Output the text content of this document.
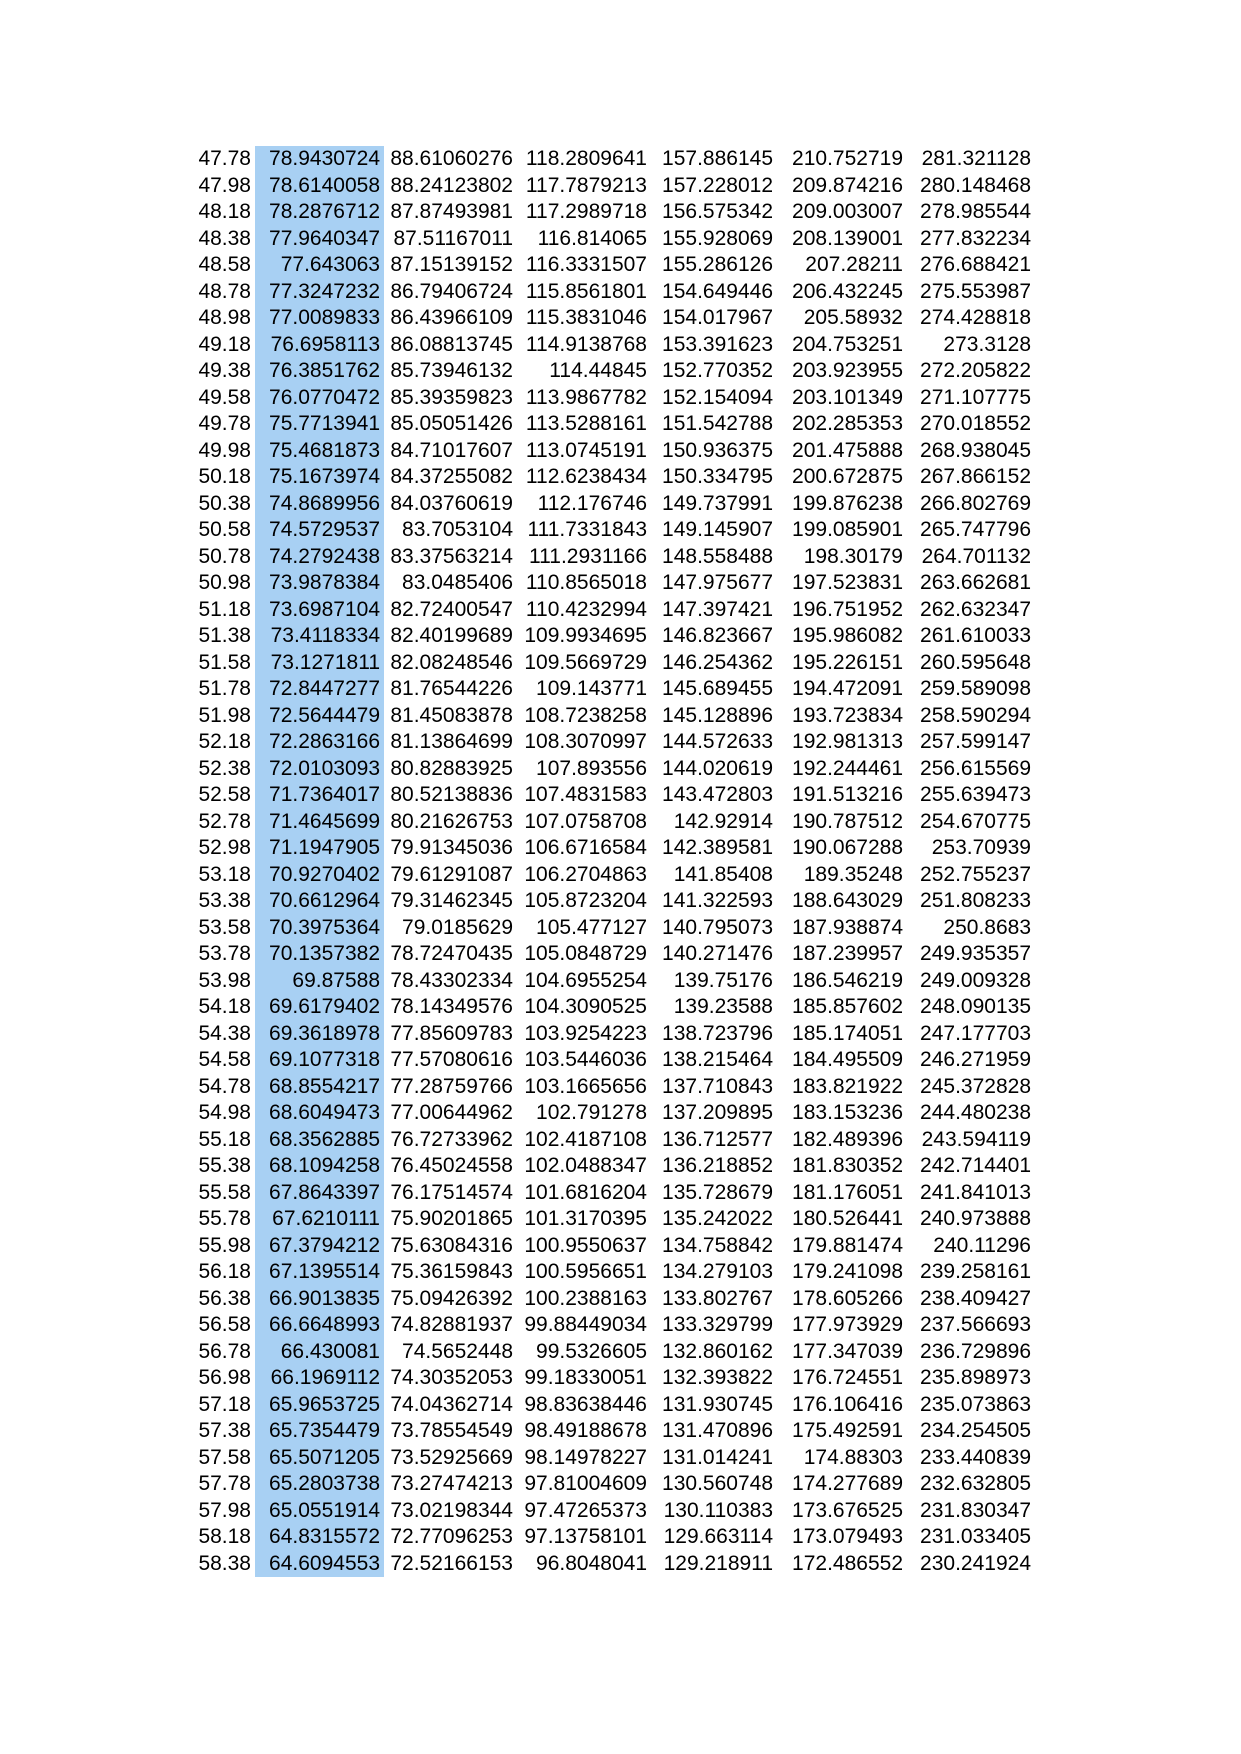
47.78	78.9430724	88.61060276	118.2809641	157.886145	210.752719	281.321128
47.98	78.6140058	88.24123802	117.7879213	157.228012	209.874216	280.148468
48.18	78.2876712	87.87493981	117.2989718	156.575342	209.003007	278.985544
48.38	77.9640347	87.51167011	116.814065	155.928069	208.139001	277.832234
48.58	77.643063	87.15139152	116.3331507	155.286126	207.28211	276.688421
48.78	77.3247232	86.79406724	115.8561801	154.649446	206.432245	275.553987
48.98	77.0089833	86.43966109	115.3831046	154.017967	205.58932	274.428818
49.18	76.6958113	86.08813745	114.9138768	153.391623	204.753251	273.3128
49.38	76.3851762	85.73946132	114.44845	152.770352	203.923955	272.205822
49.58	76.0770472	85.39359823	113.9867782	152.154094	203.101349	271.107775
49.78	75.7713941	85.05051426	113.5288161	151.542788	202.285353	270.018552
49.98	75.4681873	84.71017607	113.0745191	150.936375	201.475888	268.938045
50.18	75.1673974	84.37255082	112.6238434	150.334795	200.672875	267.866152
50.38	74.8689956	84.03760619	112.176746	149.737991	199.876238	266.802769
50.58	74.5729537	83.7053104	111.7331843	149.145907	199.085901	265.747796
50.78	74.2792438	83.37563214	111.2931166	148.558488	198.30179	264.701132
50.98	73.9878384	83.0485406	110.8565018	147.975677	197.523831	263.662681
51.18	73.6987104	82.72400547	110.4232994	147.397421	196.751952	262.632347
51.38	73.4118334	82.40199689	109.9934695	146.823667	195.986082	261.610033
51.58	73.1271811	82.08248546	109.5669729	146.254362	195.226151	260.595648
51.78	72.8447277	81.76544226	109.143771	145.689455	194.472091	259.589098
51.98	72.5644479	81.45083878	108.7238258	145.128896	193.723834	258.590294
52.18	72.2863166	81.13864699	108.3070997	144.572633	192.981313	257.599147
52.38	72.0103093	80.82883925	107.893556	144.020619	192.244461	256.615569
52.58	71.7364017	80.52138836	107.4831583	143.472803	191.513216	255.639473
52.78	71.4645699	80.21626753	107.0758708	142.92914	190.787512	254.670775
52.98	71.1947905	79.91345036	106.6716584	142.389581	190.067288	253.70939
53.18	70.9270402	79.61291087	106.2704863	141.85408	189.35248	252.755237
53.38	70.6612964	79.31462345	105.8723204	141.322593	188.643029	251.808233
53.58	70.3975364	79.0185629	105.477127	140.795073	187.938874	250.8683
53.78	70.1357382	78.72470435	105.0848729	140.271476	187.239957	249.935357
53.98	69.87588	78.43302334	104.6955254	139.75176	186.546219	249.009328
54.18	69.6179402	78.14349576	104.3090525	139.23588	185.857602	248.090135
54.38	69.3618978	77.85609783	103.9254223	138.723796	185.174051	247.177703
54.58	69.1077318	77.57080616	103.5446036	138.215464	184.495509	246.271959
54.78	68.8554217	77.28759766	103.1665656	137.710843	183.821922	245.372828
54.98	68.6049473	77.00644962	102.791278	137.209895	183.153236	244.480238
55.18	68.3562885	76.72733962	102.4187108	136.712577	182.489396	243.594119
55.38	68.1094258	76.45024558	102.0488347	136.218852	181.830352	242.714401
55.58	67.8643397	76.17514574	101.6816204	135.728679	181.176051	241.841013
55.78	67.6210111	75.90201865	101.3170395	135.242022	180.526441	240.973888
55.98	67.3794212	75.63084316	100.9550637	134.758842	179.881474	240.11296
56.18	67.1395514	75.36159843	100.5956651	134.279103	179.241098	239.258161
56.38	66.9013835	75.09426392	100.2388163	133.802767	178.605266	238.409427
56.58	66.6648993	74.82881937	99.88449034	133.329799	177.973929	237.566693
56.78	66.430081	74.5652448	99.5326605	132.860162	177.347039	236.729896
56.98	66.1969112	74.30352053	99.18330051	132.393822	176.724551	235.898973
57.18	65.9653725	74.04362714	98.83638446	131.930745	176.106416	235.073863
57.38	65.7354479	73.78554549	98.49188678	131.470896	175.492591	234.254505
57.58	65.5071205	73.52925669	98.14978227	131.014241	174.88303	233.440839
57.78	65.2803738	73.27474213	97.81004609	130.560748	174.277689	232.632805
57.98	65.0551914	73.02198344	97.47265373	130.110383	173.676525	231.830347
58.18	64.8315572	72.77096253	97.13758101	129.663114	173.079493	231.033405
58.38	64.6094553	72.52166153	96.8048041	129.218911	172.486552	230.241924
